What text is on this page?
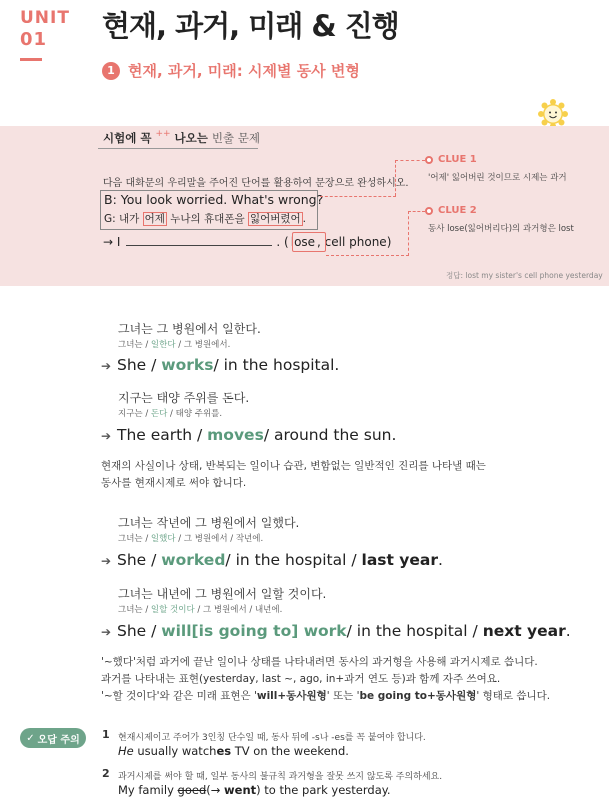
UNIT
01	현재, 과거, 미래 & 진행
1 현재, 과거, 미래: 시제별 동사 변형
시험에 꼭 ++ 나오는 빈출 문제
다음 대화문의 우리말을 주어진 단어를 활용하여 문장으로 완성하시오.
B: You look worried. What's wrong?
G: 내가 어제 누나의 휴대폰을 잃어버렸어 .
→ I	. ( lose , cell phone)
CLUE 1
'어제' 잃어버린 것이므로 시제는 과거
CLUE 2
동사 lose(잃어버리다)의 과거형은 lost
정답: lost my sister's cell phone yesterday
그녀는 그 병원에서 일한다.
그녀는 / 일한다 / 그 병원에서.
➔ She /
works / in the hospital.
지구는 태양 주위를 돈다.
지구는 / 돈다 / 태양 주위를.
➔ The earth /
moves / around the sun.
현재의 사실이나 상태, 반복되는 일이나 습관, 변함없는 일반적인 진리를 나타낼 때는
동사를 현재시제로 써야 합니다.
그녀는 작년에 그 병원에서 일했다.
그녀는 / 일했다 / 그 병원에서 / 작년에.
➔ She /
worked / in the hospital /
last year .
그녀는 내년에 그 병원에서 일할 것이다.
그녀는 / 일할 것이다 / 그 병원에서 / 내년에.
➔ She /
will[is going to] work / in the hospital /
next year .
'~했다'처럼 과거에 끝난 일이나 상태를 나타내려면 동사의 과거형을 사용해 과거시제로 씁니다.
과거를 나타내는 표현(yesterday, last ~, ago, in+과거 연도 등)과 함께 자주 쓰여요.
'~할 것이다'와 같은 미래 표현은 'will+동사원형' 또는 'be going to+동사원형' 형태로 씁니다.
✓ 오답 주의 1 현재시제이고 주어가 3인칭 단수일 때, 동사 뒤에 -s나 -es를 꼭 붙여야 합니다.
He usually watches TV on the weekend.
2 과거시제를 써야 할 때, 일부 동사의 불규칙 과거형을 잘못 쓰지 않도록 주의하세요.
My family goed(→ went) to the park yesterday.
